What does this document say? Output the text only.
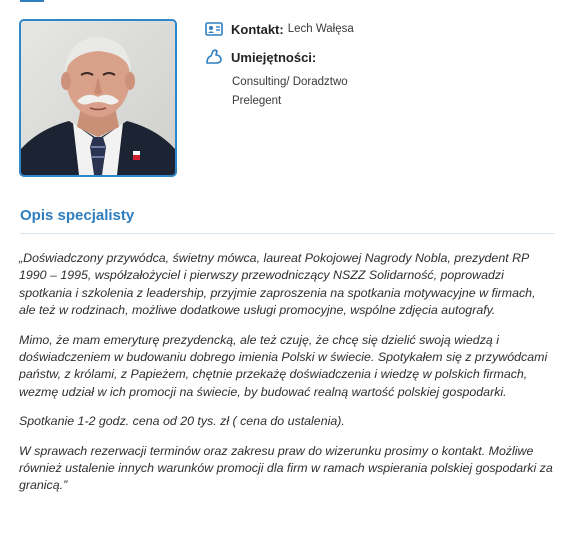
Kontakt: Lech Wałęsa
Umiejętności:
Consulting/ Doradztwo
Prelegent
Opis specjalisty

„Doświadczony przywódca, świetny mówca, laureat Pokojowej Nagrody Nobla, prezydent RP 1990 – 1995, współzałożyciel i pierwszy przewodniczący NSZZ Solidarność, poprowadzi spotkania i szkolenia z leadership, przyjmie zaproszenia na spotkania motywacyjne w firmach, ale też w rodzinach, możliwe dodatkowe usługi promocyjne, wspólne zdjęcia autografy.

Mimo, że mam emeryturę prezydencką, ale też czuję, że chcę się dzielić swoją wiedzą i doświadczeniem w budowaniu dobrego imienia Polski w świecie. Spotykałem się z przywódcami państw, z królami, z Papieżem, chętnie przekażę doświadczenia i wiedzę w polskich firmach, wezmę udział w ich promocji na świecie, by budować realną wartość polskiej gospodarki.

Spotkanie 1-2 godz. cena od 20 tys. zł ( cena do ustalenia).

W sprawach rezerwacji terminów oraz zakresu praw do wizerunku prosimy o kontakt. Możliwe również ustalenie innych warunków promocji dla firm w ramach wspierania polskiej gospodarki za granicą.”
